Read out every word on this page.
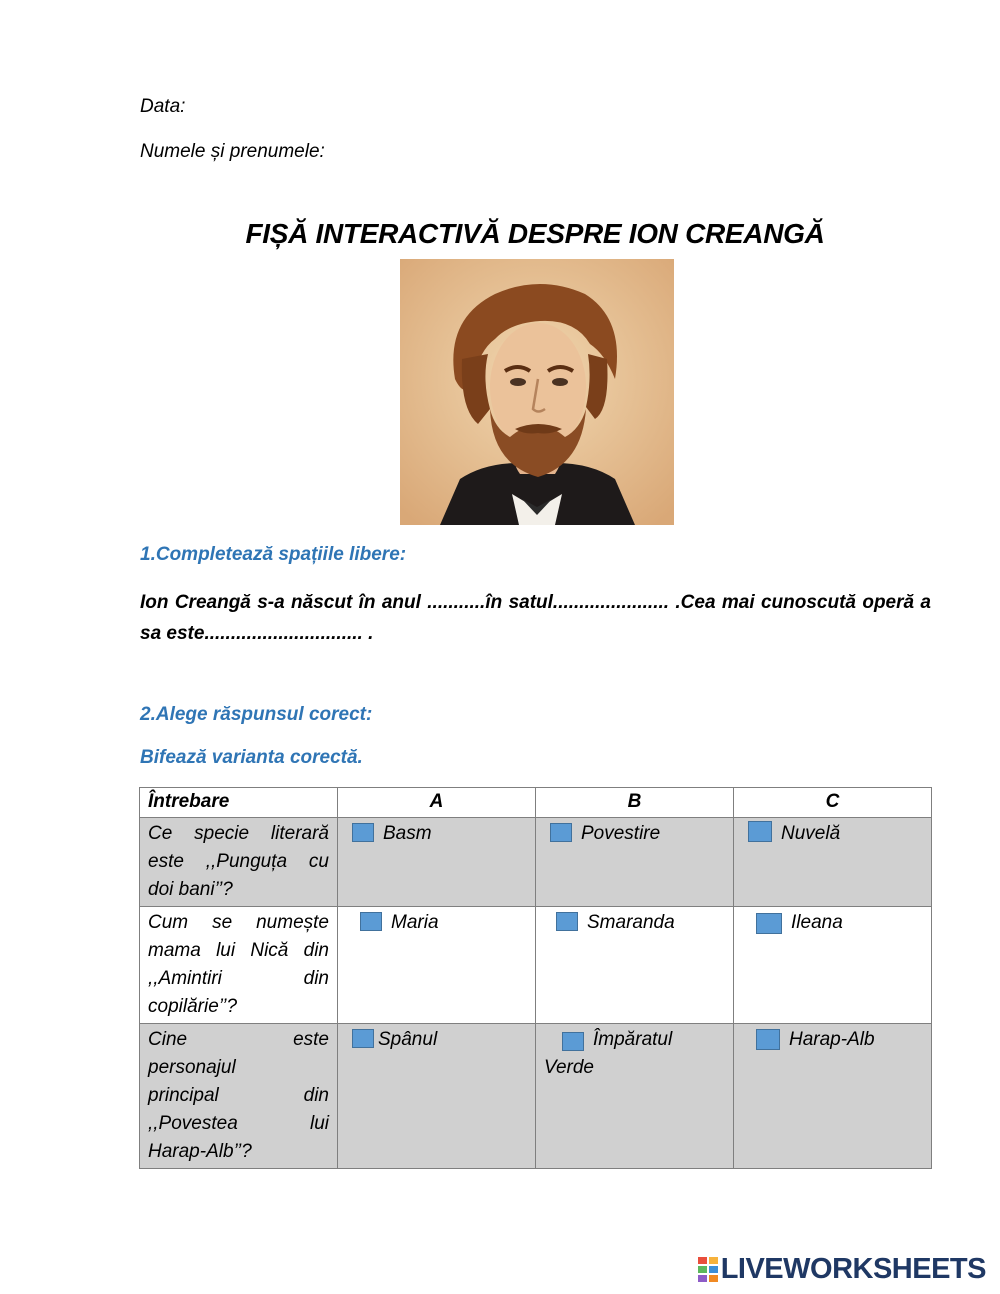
Data:
Numele și prenumele:
FIȘĂ INTERACTIVĂ DESPRE ION CREANGĂ
1.Completează spațiile libere:
Ion Creangă s-a născut în anul ...........în satul...................... .Cea mai cunoscută operă a sa este.............................. .
2.Alege răspunsul corect:
Bifează varianta corectă.
Întrebare	A	B	C
Ce specie literară este ,,Punguța cu
doi bani’’?	Basm	Povestire	Nuvelă
Cum se numește mama lui Nică din ,,Amintiri din
copilărie’’?	Maria	Smaranda	Ileana
Cine este
personajul
principal din ,,Povestea lui
Harap-Alb’’?	Spânul	Împăratul Verde	Harap-Alb
LIVEWORKSHEETS
